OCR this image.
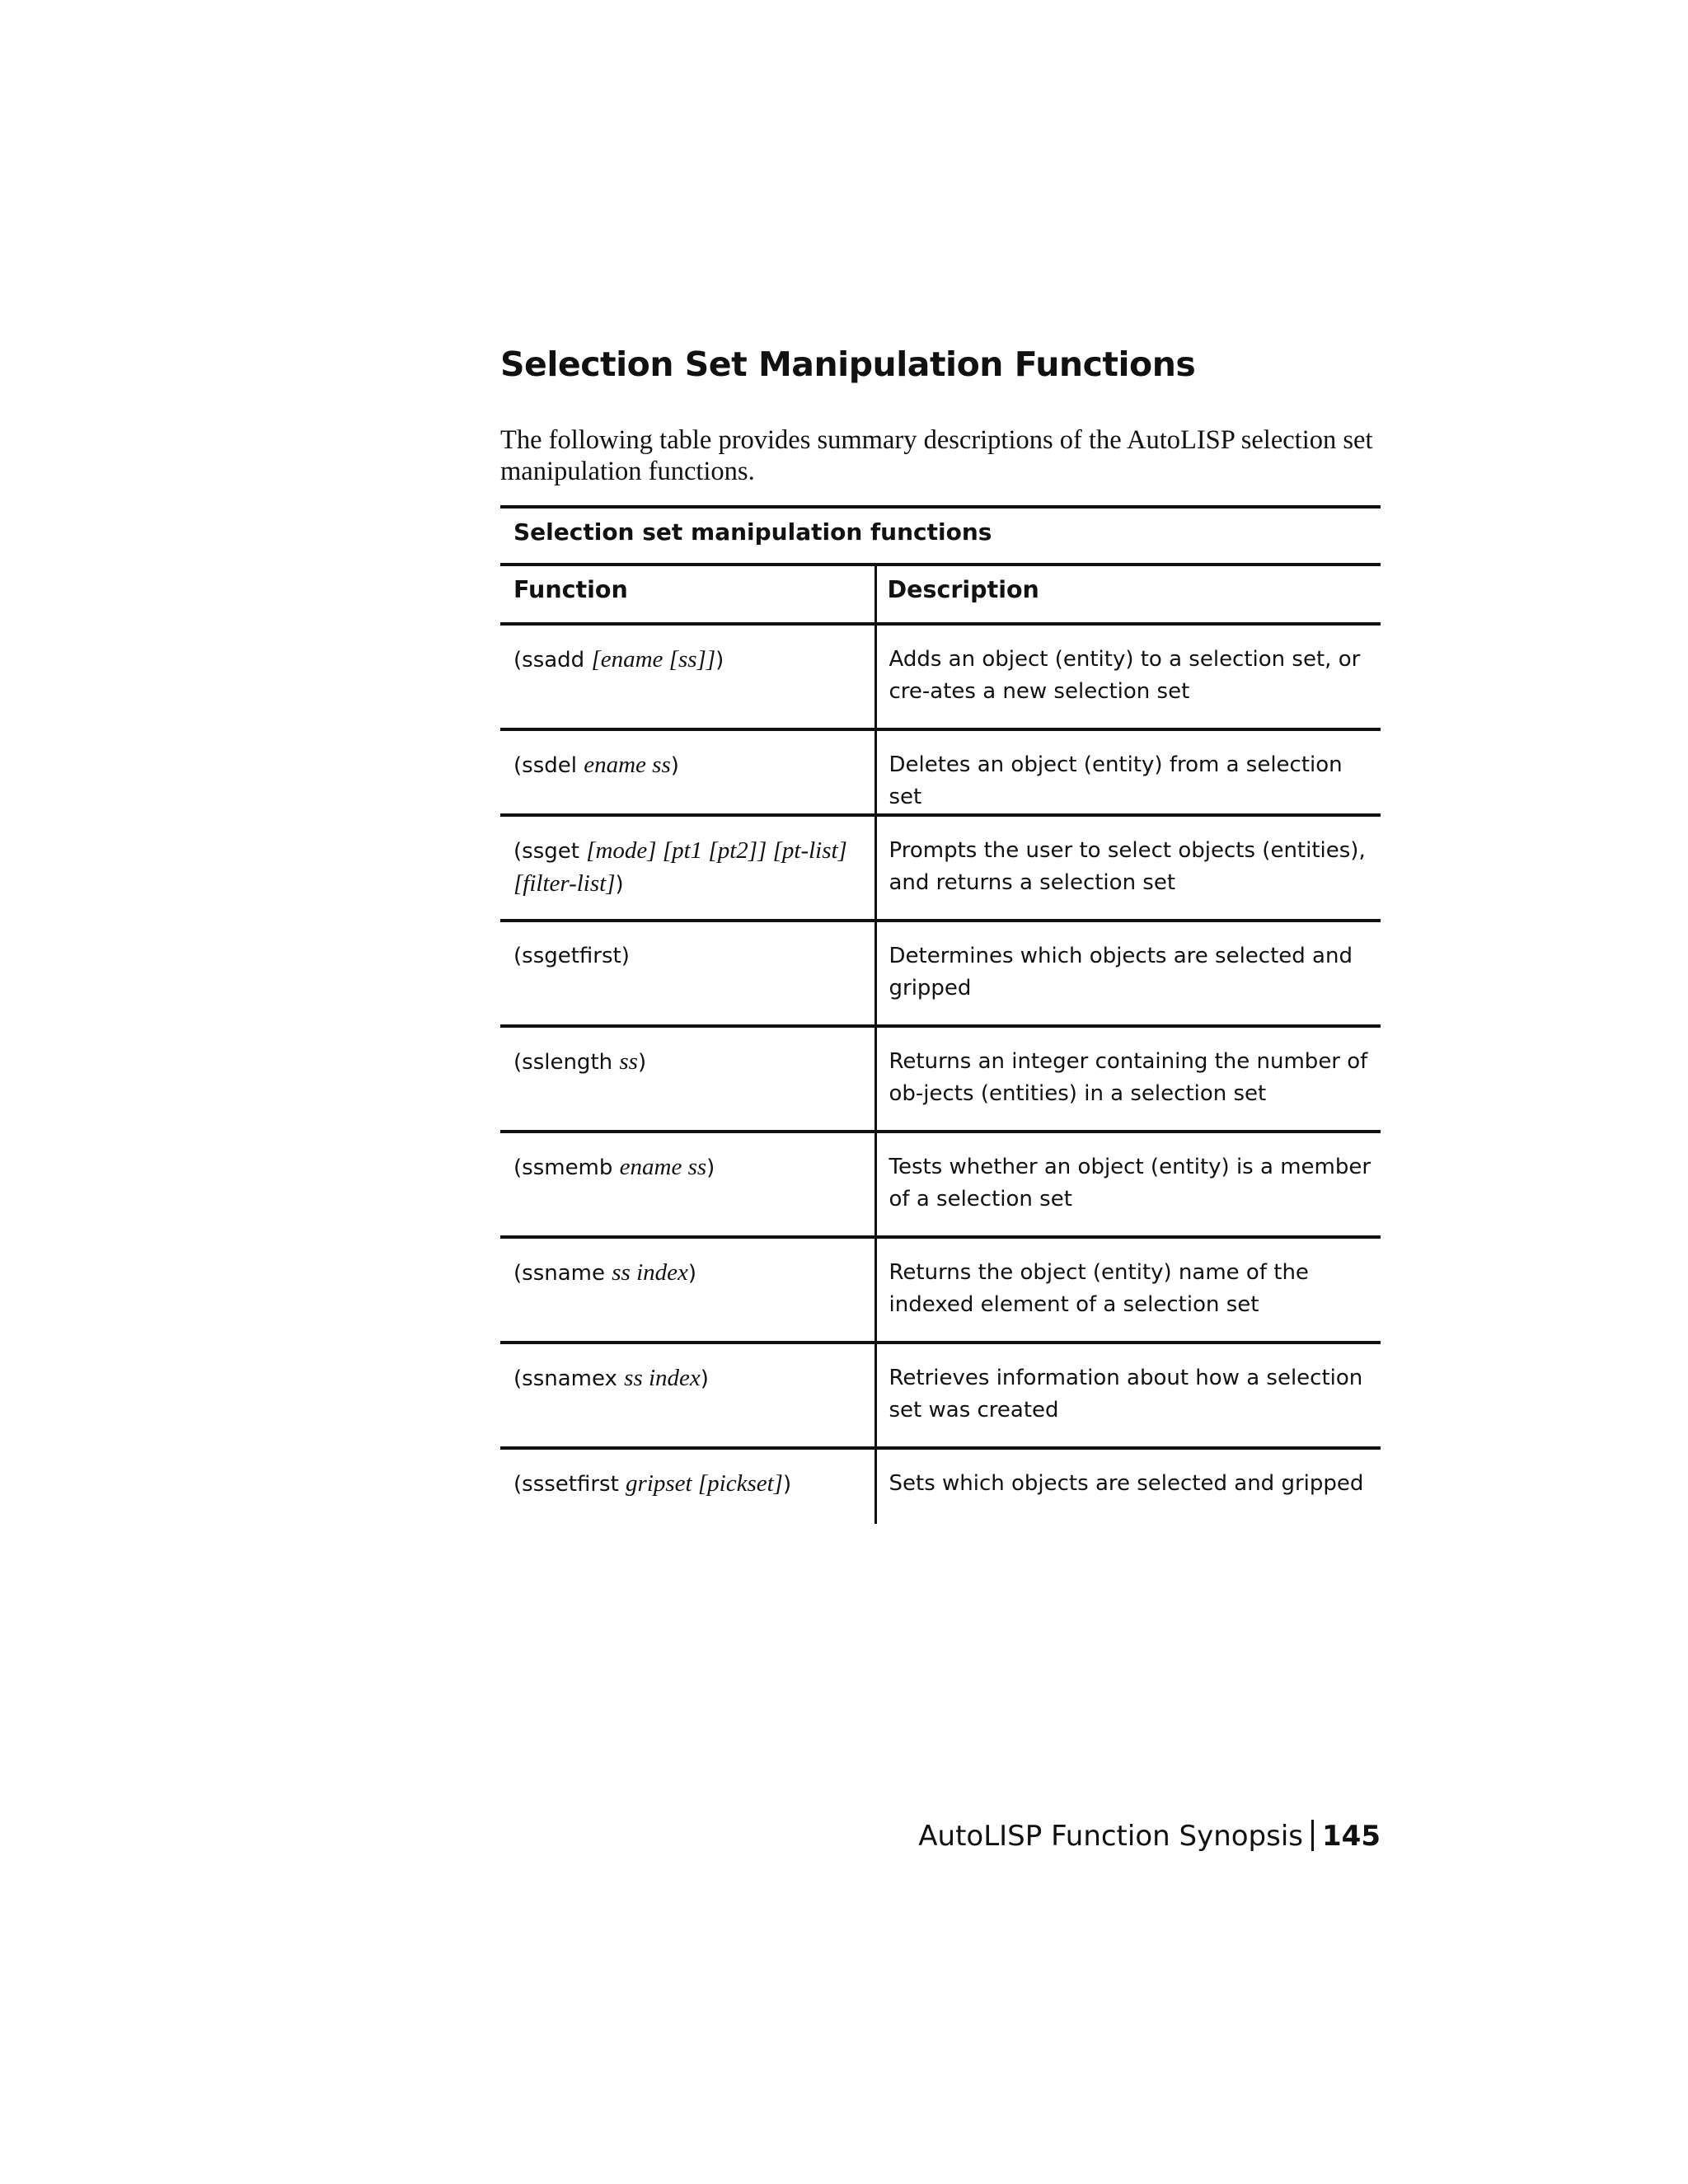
Selection Set Manipulation Functions

The following table provides summary descriptions of the AutoLISP selection set manipulation functions.

Selection set manipulation functions
Function	Description
(ssadd [ename [ss]])	Adds an object (entity) to a selection set, or cre-ates a new selection set
(ssdel ename ss)	Deletes an object (entity) from a selection set
(ssget [mode] [pt1 [pt2]] [pt-list]
[filter-list])	Prompts the user to select objects (entities), and returns a selection set
(ssgetfirst)	Determines which objects are selected and gripped
(sslength ss)	Returns an integer containing the number of ob-jects (entities) in a selection set
(ssmemb ename ss)	Tests whether an object (entity) is a member of a selection set
(ssname ss index)	Returns the object (entity) name of the indexed element of a selection set
(ssnamex ss index)	Retrieves information about how a selection set was created
(sssetfirst gripset [pickset])	Sets which objects are selected and gripped
AutoLISP Function Synopsis 145
